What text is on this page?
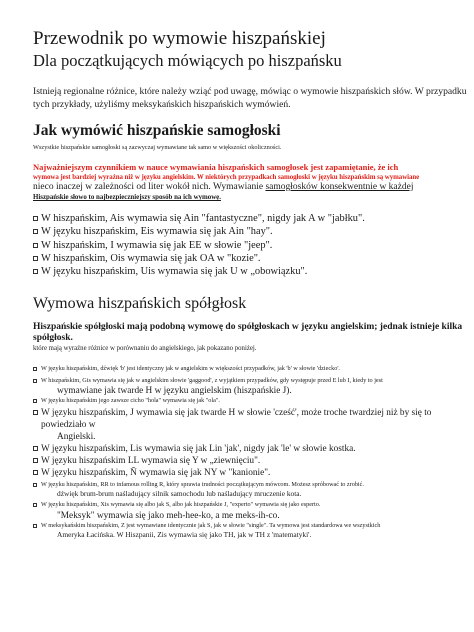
Przewodnik po wymowie hiszpańskiej
Dla początkujących mówiących po hiszpańsku

Istnieją regionalne różnice, które należy wziąć pod uwagę, mówiąc o wymowie hiszpańskich słów. W przypadku tych przykłady, użyliśmy meksykańskich hiszpańskich wymówień.

Jak wymówić hiszpańskie samogłoski

Wszystkie hiszpańskie samogłoski są zazwyczaj wymawiane tak samo w większości okoliczności.

Najważniejszym czynnikiem w nauce wymawiania hiszpańskich samogłosek jest zapamiętanie, że ich

wymowa jest bardziej wyraźna niż w języku angielskim. W niektórych przypadkach samogłoski w języku hiszpańskim są wymawiane

nieco inaczej w zależności od liter wokół nich. Wymawianie samogłosków konsekwentnie w każdej

Hiszpańskie słowo to najbezpieczniejszy sposób na ich wymowę.

W hiszpańskim, Ais wymawia się Ain "fantastyczne", nigdy jak A w "jabłku".
W języku hiszpańskim, Eis wymawia się jak Ain "hay".
W hiszpańskim, I wymawia się jak EE w słowie "jeep".
W hiszpańskim, Ois wymawia się jak OA w "kozie".
W języku hiszpańskim, Uis wymawia się jak U w „obowiązku".
Wymowa hiszpańskich spółgłosk

Hiszpańskie spółgłoski mają podobną wymowę do spółgłoskach w języku angielskim; jednak istnieje kilka spółgłosk.

które mają wyraźne różnice w porównaniu do angielskiego, jak pokazano poniżej.

W języku hiszpańskim, dźwięk 'b' jest identyczny jak w angielskim w większości przypadków, jak 'b' w słowie 'dziecko'.
W hiszpańskim, Gis wymawia się jak w angielskim słowie 'gaggood', z wyjątkiem przypadków, gdy występuje przed E lub I, kiedy to jest
wymawiane jak twarde H w języku angielskim (hiszpańskie J).
W języku hiszpańskim jego zawsze cicho "hola" wymawia się jak "ola".
W języku hiszpańskim, J wymawia się jak twarde H w słowie 'cześć', może troche twardziej niż by się to powiedziało w
Angielski.
W języku hiszpańskim, Lis wymawia się jak Lin 'jak', nigdy jak 'le' w słowie kostka.
W języku hiszpańskim LL wymawia się Y w „ziewnięciu".
W języku hiszpańskim, Ñ wymawia się jak NY w "kanionie".
W języku hiszpańskim, RR to infamous rolling R, który sprawia trudności początkującym mówcom. Możesz spróbować to zrobić.
dźwięk brum-brum naśladujący silnik samochodu lub naśladujący mruczenie kota.
W języku hiszpańskim, Xis wymawia się albo jak S, albo jak hiszpańskie J, "experto" wymawia się jako esperto.
"Meksyk" wymawia się jako meh-hee-ko, a me meks-ih-co.
W meksykańskim hiszpańskim, Z jest wymawiane identycznie jak S, jak w słowie "single". Ta wymowa jest standardowa we wszystkich
Ameryka Łacińska. W Hiszpanii, Zis wymawia się jako TH, jak w TH z 'matematyki'.
